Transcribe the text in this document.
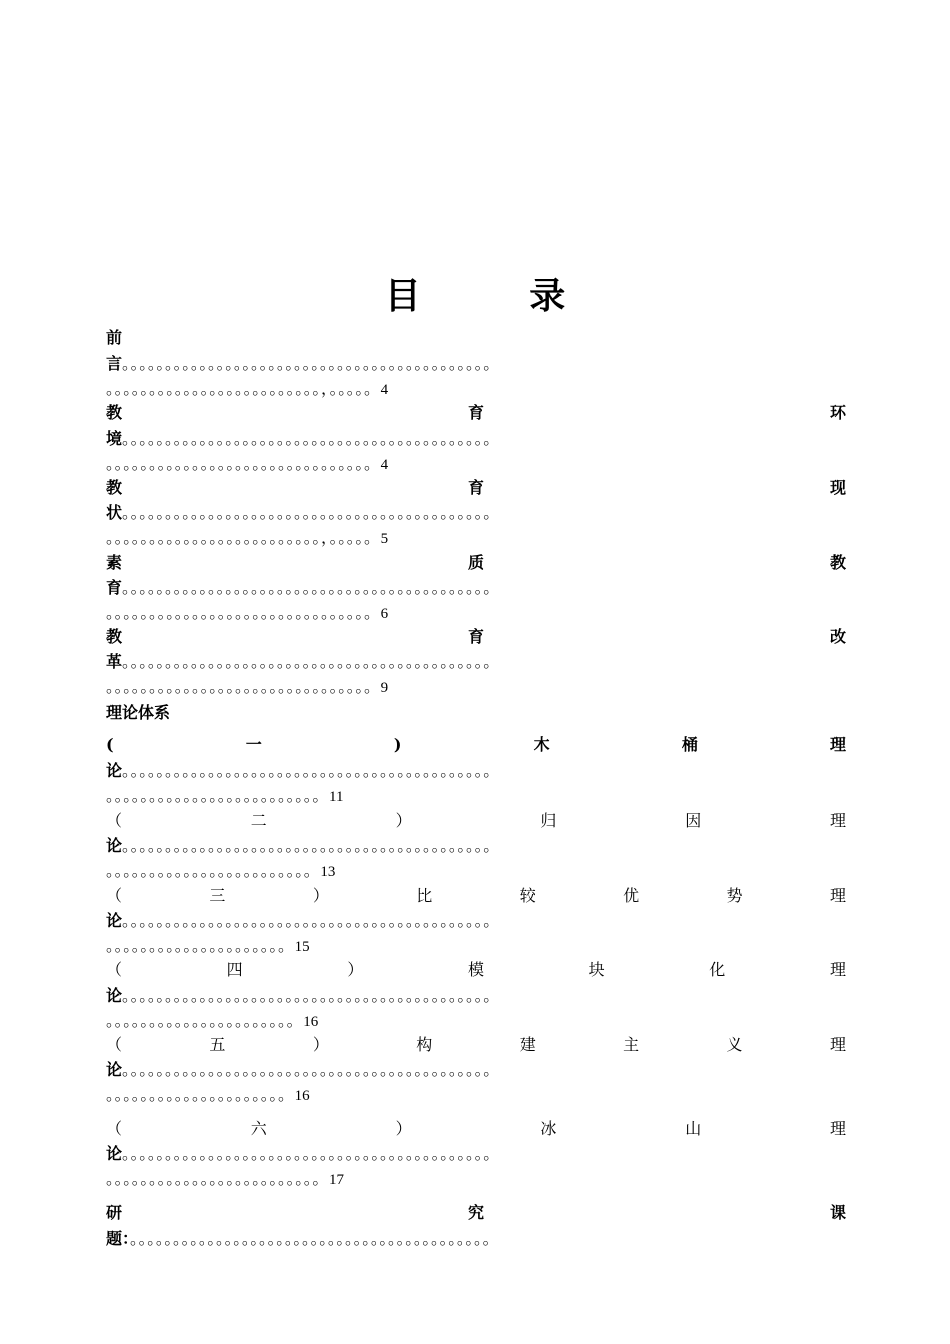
目 录
前
言。。。。。。。。。。。。。。。。。。。。。。。。。。。。。。。。。。。。。。。。。。。
。。。。。。。。。。。。。。。。。。。。。。。。。，。。。。。4
教	育	环
境。。。。。。。。。。。。。。。。。。。。。。。。。。。。。。。。。。。。。。。。。。。
。。。。。。。。。。。。。。。。。。。。。。。。。。。。。。。4
教	育	现
状。。。。。。。。。。。。。。。。。。。。。。。。。。。。。。。。。。。。。。。。。。。
。。。。。。。。。。。。。。。。。。。。。。。。。，。。。。。5
素	质	教
育。。。。。。。。。。。。。。。。。。。。。。。。。。。。。。。。。。。。。。。。。。。
。。。。。。。。。。。。。。。。。。。。。。。。。。。。。。。6
教	育	改
革。。。。。。。。。。。。。。。。。。。。。。。。。。。。。。。。。。。。。。。。。。。
。。。。。。。。。。。。。。。。。。。。。。。。。。。。。。。9
理论体系
(	一	)	木	桶	理
论。。。。。。。。。。。。。。。。。。。。。。。。。。。。。。。。。。。。。。。。。。。
。。。。。。。。。。。。。。。。。。。。。。。。。11
（	二	）	归	因	理
论。。。。。。。。。。。。。。。。。。。。。。。。。。。。。。。。。。。。。。。。。。。
。。。。。。。。。。。。。。。。。。。。。。。。13
（	三	）	比	较	优	势	理
论。。。。。。。。。。。。。。。。。。。。。。。。。。。。。。。。。。。。。。。。。。。
。。。。。。。。。。。。。。。。。。。。。15
（	四	）	模	块	化	理
论。。。。。。。。。。。。。。。。。。。。。。。。。。。。。。。。。。。。。。。。。。。
。。。。。。。。。。。。。。。。。。。。。。16
（	五	）	构	建	主	义	理
论。。。。。。。。。。。。。。。。。。。。。。。。。。。。。。。。。。。。。。。。。。。
。。。。。。。。。。。。。。。。。。。。。16
（	六	）	冰	山	理
论。。。。。。。。。。。。。。。。。。。。。。。。。。。。。。。。。。。。。。。。。。。
。。。。。。。。。。。。。。。。。。。。。。。。。17
研	究	课
题：。。。。。。。。。。。。。。。。。。。。。。。。。。。。。。。。。。。。。。。。。。
